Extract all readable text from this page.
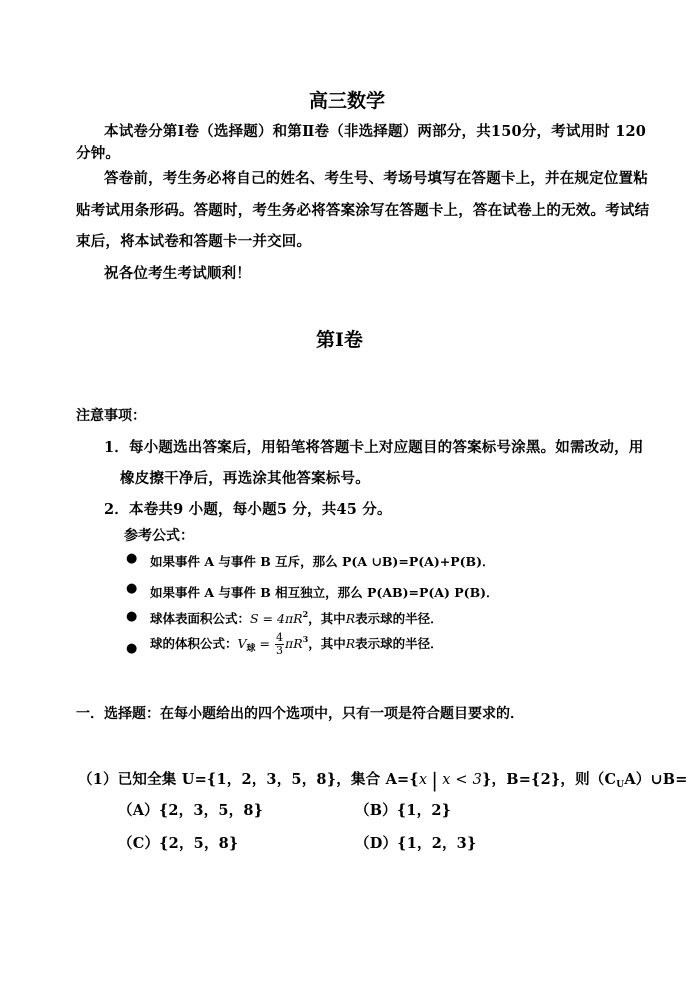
高三数学
本试卷分第Ⅰ卷（选择题）和第Ⅱ卷（非选择题）两部分，共150分，考试用时 120
分钟。
答卷前，考生务必将自己的姓名、考生号、考场号填写在答题卡上，并在规定位置粘
贴考试用条形码。答题时，考生务必将答案涂写在答题卡上，答在试卷上的无效。考试结
束后，将本试卷和答题卡一并交回。
祝各位考生考试顺利！
第Ⅰ卷
注意事项：
1．每小题选出答案后，用铅笔将答题卡上对应题目的答案标号涂黑。如需改动，用
橡皮擦干净后，再选涂其他答案标号。
2．本卷共9 小题，每小题5 分，共45 分。
参考公式：
● 如果事件 A 与事件 B 互斥，那么 P(A ∪B)=P(A)+P(B)．
● 如果事件 A 与事件 B 相互独立，那么 P(AB)=P(A) P(B)．
● 球体表面积公式：$S = 4\pi R^2$，其中R表示球的半径．
● 球的体积公式：$V_球 = \frac{4}{3} \pi R^3$，其中R表示球的半径．
一．选择题：在每小题给出的四个选项中，只有一项是符合题目要求的．
（1）已知全集 U={1，2，3，5，8}，集合 A={x | x < 3}，B={2}，则$(C_UA)\cup B=$
（A）{2，3，5，8}	（B）{1，2}
（C）{2，5，8}	（D）{1，2，3}
